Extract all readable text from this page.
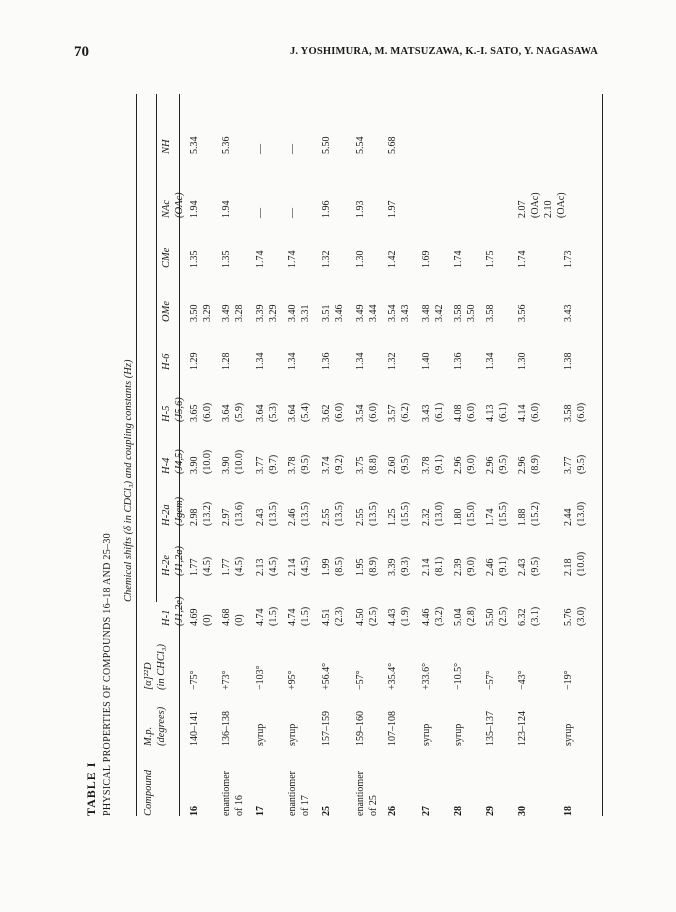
70	J. YOSHIMURA, M. MATSUZAWA, K.-I. SATO, Y. NAGASAWA
TABLE I PHYSICAL PROPERTIES OF COMPOUNDS 16–18 AND 25–30
Chemical shifts (δ in CDCl₃) and coupling constants (Hz)
Compound
M.p. (degrees)
[α]²²D (in CHCl₃)
H-1 (J1,2e)
H-2e (J1,2a)
H-2a (Jgem)
H-4 (J4,5)
H-5 (J5,6)
H-6
OMe
CMe
NAc (OAc)
NH
16
140–141
−75°
4.69 (0)
1.77 (4.5)
2.98 (13.2)
3.90 (10.0)
3.65 (6.0)
1.29
3.50 3.29
1.35
1.94
5.34
enantiomer of 16
136–138
+73°
4.68 (0)
1.77 (4.5)
2.97 (13.6)
3.90 (10.0)
3.64 (5.9)
1.28
3.49 3.28
1.35
1.94
5.36
17
syrup
−103°
4.74 (1.5)
2.13 (4.5)
2.43 (13.5)
3.77 (9.7)
3.64 (5.3)
1.34
3.39 3.29
1.74
—
—
enantiomer of 17
syrup
+95°
4.74 (1.5)
2.14 (4.5)
2.46 (13.5)
3.78 (9.5)
3.64 (5.4)
1.34
3.40 3.31
1.74
—
—
25
157–159
+56.4°
4.51 (2.3)
1.99 (8.5)
2.55 (13.5)
3.74 (9.2)
3.62 (6.0)
1.36
3.51 3.46
1.32
1.96
5.50
enantiomer of 25
159–160
−57°
4.50 (2.5)
1.95 (8.9)
2.55 (13.5)
3.75 (8.8)
3.54 (6.0)
1.34
3.49 3.44
1.30
1.93
5.54
26
107–108
+35.4°
4.43 (1.9)
3.39 (9.3)
1.25 (15.5)
2.60 (9.5)
3.57 (6.2)
1.32
3.54 3.43
1.42
1.97
5.68
27
syrup
+33.6°
4.46 (3.2)
2.14 (8.1)
2.32 (13.0)
3.78 (9.1)
3.43 (6.1)
1.40
3.48 3.42
1.69
28
syrup
−10.5°
5.04 (2.8)
2.39 (9.0)
1.80 (15.0)
2.96 (9.0)
4.08 (6.0)
1.36
3.58 3.50
1.74
29
135–137
−57°
5.50 (2.5)
2.46 (9.1)
1.74 (15.5)
2.96 (9.5)
4.13 (6.1)
1.34
3.58
1.75
30
123–124
−43°
6.32 (3.1)
2.43 (9.5)
1.88 (15.2)
2.96 (8.9)
4.14 (6.0)
1.30
3.56
1.74
2.07 (OAc) 2.10 (OAc)
18
syrup
−19°
5.76 (3.0)
2.18 (10.0)
2.44 (13.0)
3.77 (9.5)
3.58 (6.0)
1.38
3.43
1.73
